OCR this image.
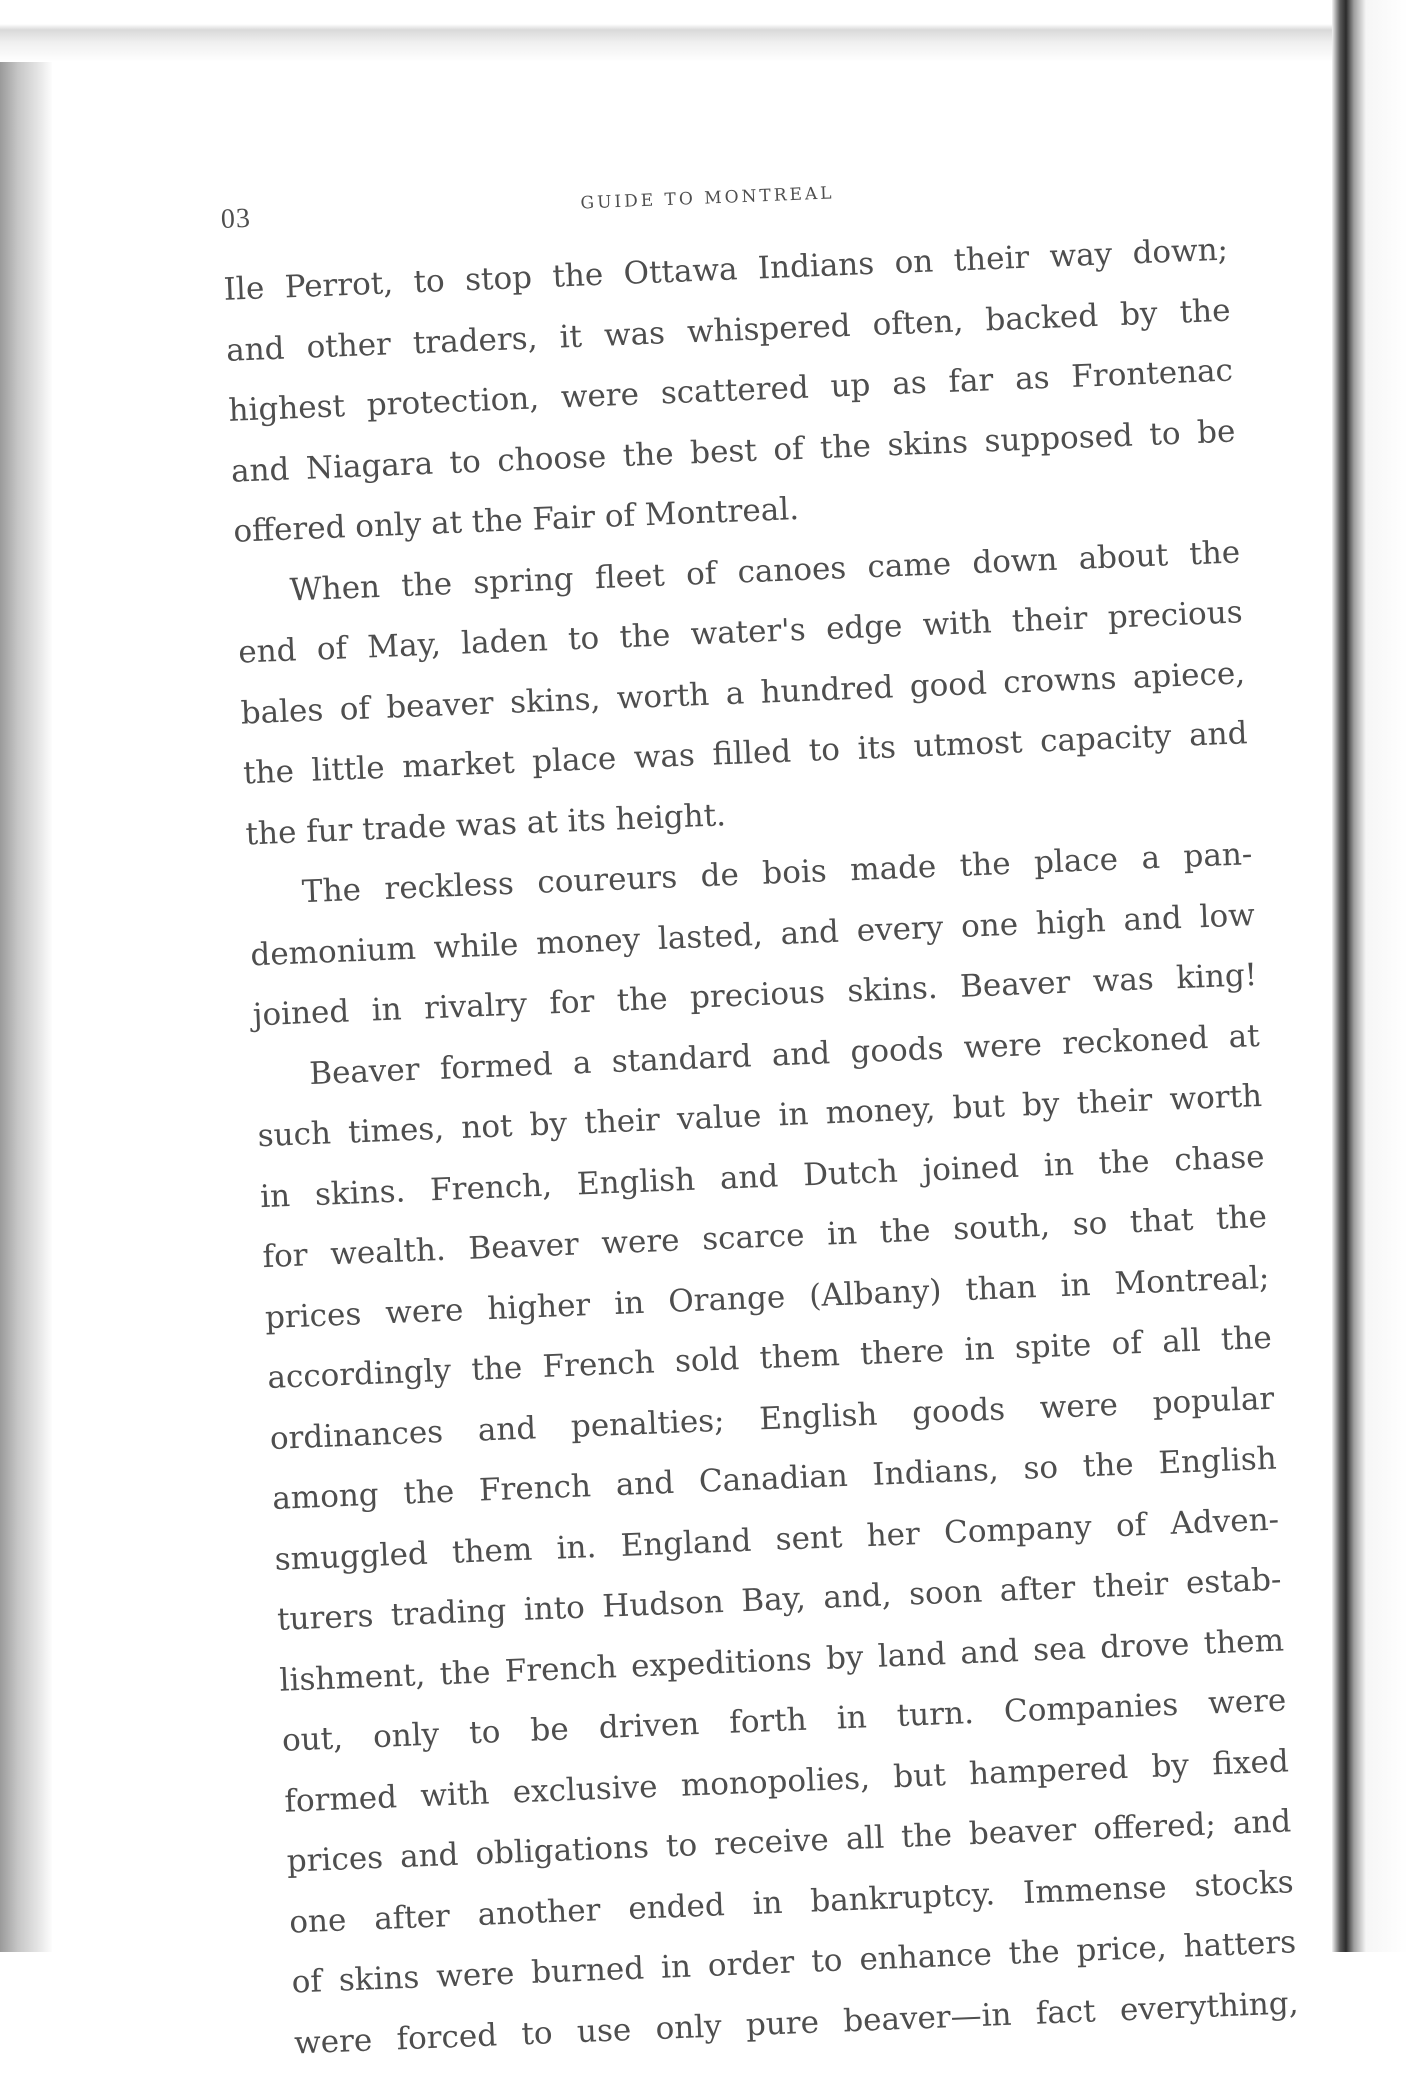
03
GUIDE TO MONTREAL
Ile Perrot, to stop the Ottawa Indians on their way down;
and other traders, it was whispered often, backed by the
highest protection, were scattered up as far as Frontenac
and Niagara to choose the best of the skins supposed to be
offered only at the Fair of Montreal.
When the spring fleet of canoes came down about the
end of May, laden to the water's edge with their precious
bales of beaver skins, worth a hundred good crowns apiece,
the little market place was filled to its utmost capacity and
the fur trade was at its height.
The reckless coureurs de bois made the place a pan-
demonium while money lasted, and every one high and low
joined in rivalry for the precious skins. Beaver was king!
Beaver formed a standard and goods were reckoned at
such times, not by their value in money, but by their worth
in skins. French, English and Dutch joined in the chase
for wealth. Beaver were scarce in the south, so that the
prices were higher in Orange (Albany) than in Montreal;
accordingly the French sold them there in spite of all the
ordinances and penalties; English goods were popular
among the French and Canadian Indians, so the English
smuggled them in. England sent her Company of Adven-
turers trading into Hudson Bay, and, soon after their estab-
lishment, the French expeditions by land and sea drove them
out, only to be driven forth in turn. Companies were
formed with exclusive monopolies, but hampered by fixed
prices and obligations to receive all the beaver offered; and
one after another ended in bankruptcy. Immense stocks
of skins were burned in order to enhance the price, hatters
were forced to use only pure beaver—in fact everything,
